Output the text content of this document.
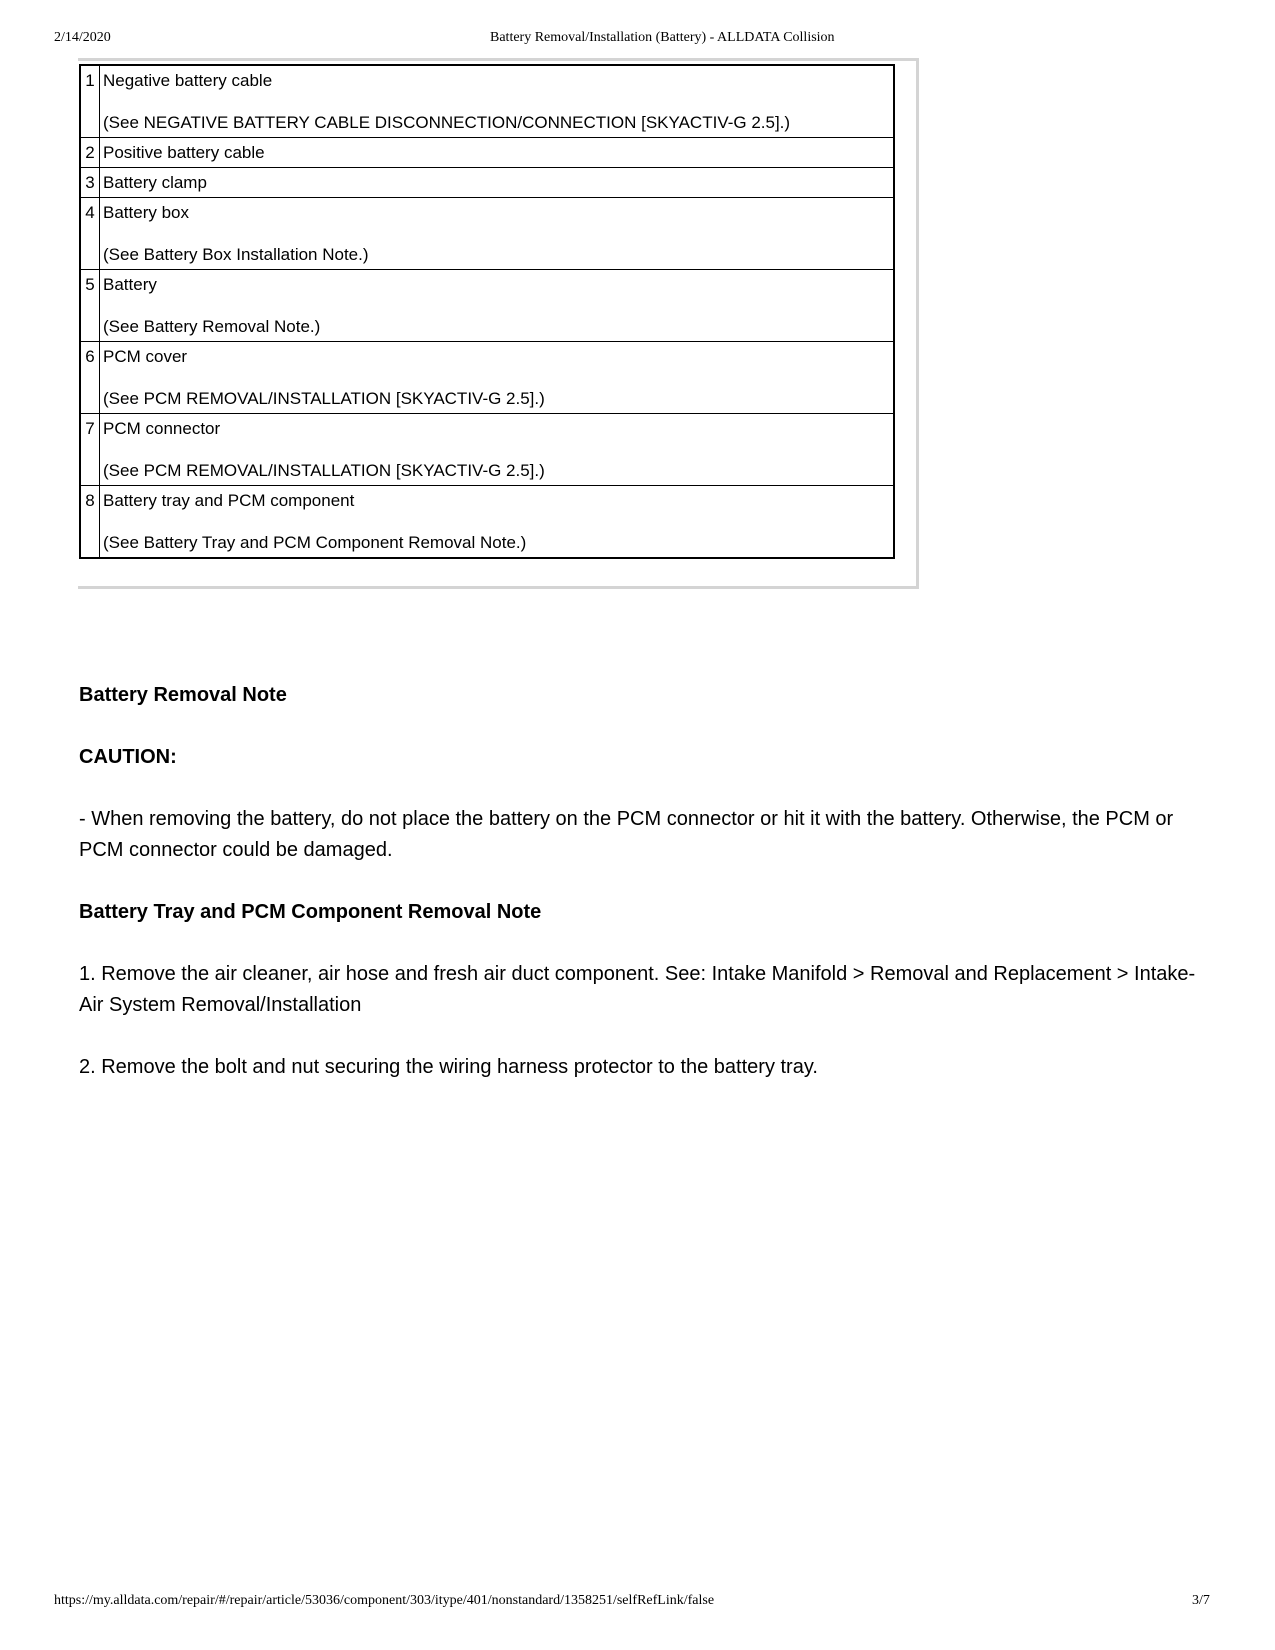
2/14/2020	Battery Removal/Installation (Battery) - ALLDATA Collision
1	Negative battery cable
(See NEGATIVE BATTERY CABLE DISCONNECTION/CONNECTION [SKYACTIV-G 2.5].)

2	Positive battery cable
3	Battery clamp
4	Battery box
(See Battery Box Installation Note.)

5	Battery
(See Battery Removal Note.)

6	PCM cover
(See PCM REMOVAL/INSTALLATION [SKYACTIV-G 2.5].)

7	PCM connector
(See PCM REMOVAL/INSTALLATION [SKYACTIV-G 2.5].)

8	Battery tray and PCM component
(See Battery Tray and PCM Component Removal Note.)
Battery Removal Note
CAUTION:

- When removing the battery, do not place the battery on the PCM connector or hit it with the battery. Otherwise, the PCM or PCM connector could be damaged.

Battery Tray and PCM Component Removal Note

1. Remove the air cleaner, air hose and fresh air duct component. See: Intake Manifold > Removal and Replacement > Intake-Air System Removal/Installation

2. Remove the bolt and nut securing the wiring harness protector to the battery tray.

https://my.alldata.com/repair/#/repair/article/53036/component/303/itype/401/nonstandard/1358251/selfRefLink/false	3/7
